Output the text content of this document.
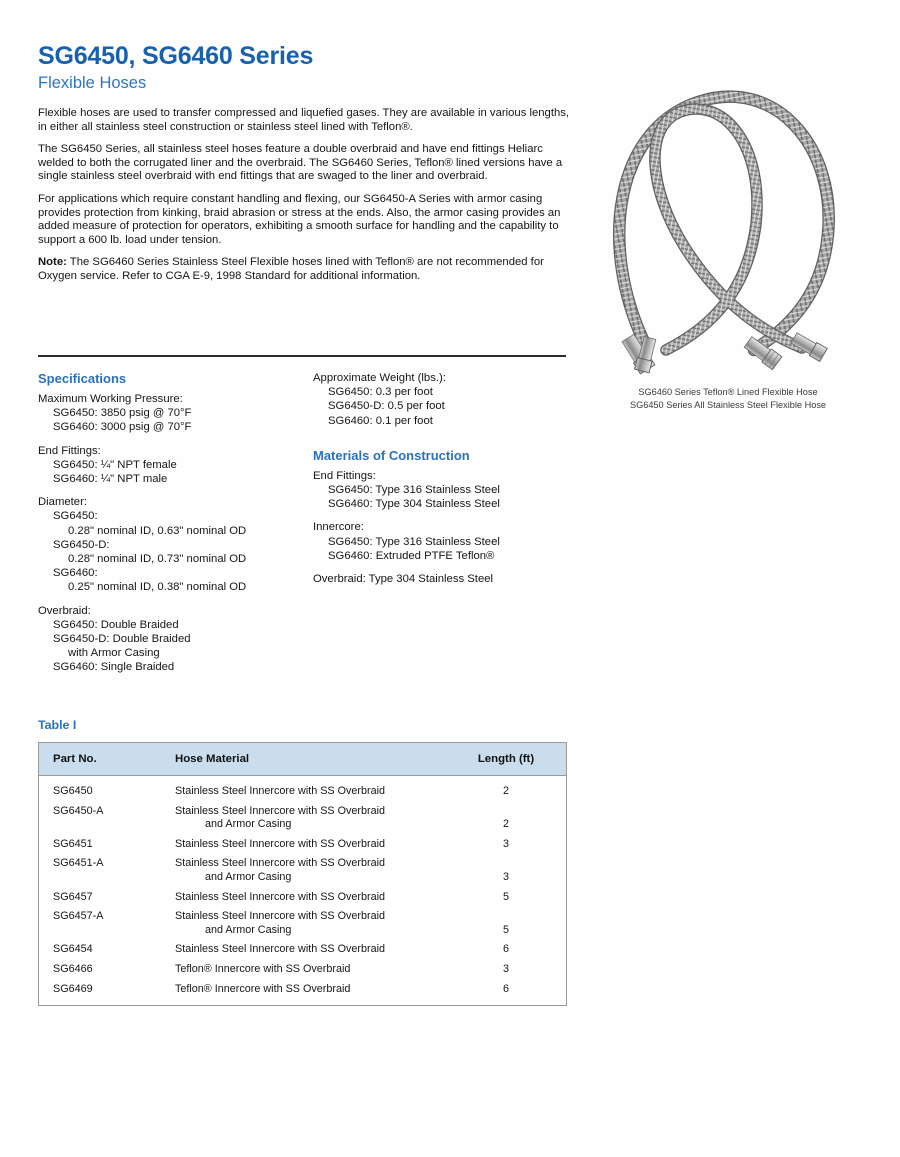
SG6450, SG6460 Series
Flexible Hoses

Flexible hoses are used to transfer compressed and liquefied gases. They are available in various lengths, in either all stainless steel construction or stainless steel lined with Teflon®.

The SG6450 Series, all stainless steel hoses feature a double overbraid and have end fittings Heliarc welded to both the corrugated liner and the overbraid. The SG6460 Series, Teflon® lined versions have a single stainless steel overbraid with end fittings that are swaged to the liner and overbraid.

For applications which require constant handling and flexing, our SG6450-A Series with armor casing provides protection from kinking, braid abrasion or stress at the ends. Also, the armor casing provides an added measure of protection for operators, exhibiting a smooth surface for handling and the capability to support a 600 lb. load under tension.

Note: The SG6460 Series Stainless Steel Flexible hoses lined with Teflon® are not recommended for Oxygen service. Refer to CGA E-9, 1998 Standard for additional information.

Specifications
Maximum Working Pressure:
SG6450: 3850 psig @ 70°F
SG6460: 3000 psig @ 70°F
End Fittings:
SG6450: ¼" NPT female
SG6460: ¼" NPT male
Diameter:
SG6450:
0.28" nominal ID, 0.63" nominal OD
SG6450-D:
0.28" nominal ID, 0.73" nominal OD
SG6460:
0.25" nominal ID, 0.38" nominal OD
Overbraid:
SG6450: Double Braided
SG6450-D: Double Braided
with Armor Casing
SG6460: Single Braided
Approximate Weight (lbs.):
SG6450: 0.3 per foot
SG6450-D: 0.5 per foot
SG6460: 0.1 per foot
Materials of Construction
End Fittings:
SG6450: Type 316 Stainless Steel
SG6460: Type 304 Stainless Steel
Innercore:
SG6450: Type 316 Stainless Steel
SG6460: Extruded PTFE Teflon®
Overbraid: Type 304 Stainless Steel
SG6460 Series Teflon® Lined Flexible Hose
SG6450 Series All Stainless Steel Flexible Hose
Table I
Part No.	Hose Material	Length (ft)
SG6450	Stainless Steel Innercore with SS Overbraid	2
SG6450-A	Stainless Steel Innercore with SS Overbraid
and Armor Casing	2

SG6451	Stainless Steel Innercore with SS Overbraid	3
SG6451-A	Stainless Steel Innercore with SS Overbraid
and Armor Casing	3

SG6457	Stainless Steel Innercore with SS Overbraid	5
SG6457-A	Stainless Steel Innercore with SS Overbraid
and Armor Casing	5

SG6454	Stainless Steel Innercore with SS Overbraid	6
SG6466	Teflon® Innercore with SS Overbraid	3
SG6469	Teflon® Innercore with SS Overbraid	6
